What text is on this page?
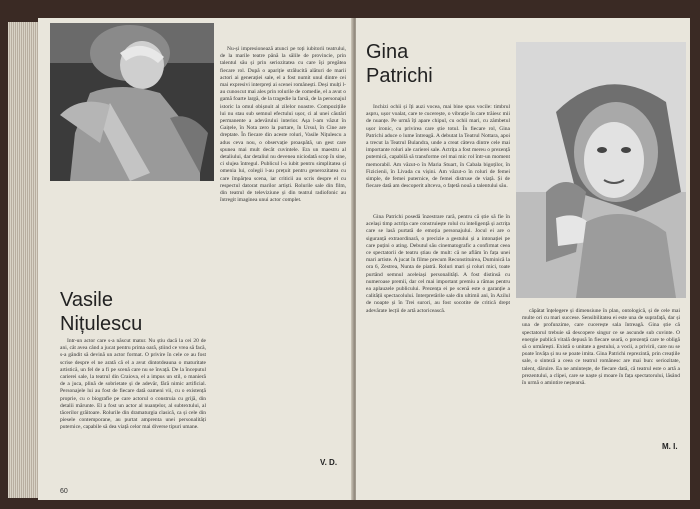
Vasile
Nițulescu

Intr-un actor care s-a născut matur. Nu știu dacă la cei 20 de ani, cât avea când a jucat pentru prima oară, știind ce vrea să facă, s-a gândit să devină un actor format. O privire în cele ce au fost scrise despre el ne arată că el a avut dintotdeauna o maturitate artistică, un fel de a fi pe scenă care nu se învață. De la începutul carierei sale, la teatrul din Craiova, el a impus un stil, o manieră de a juca, plină de sobrietate și de adevăr, fără nimic artificial. Personajele lui au fost de fiecare dată oameni vii, cu o existență proprie, cu o biografie pe care actorul o construia cu grijă, din detalii mărunte. El a fost un actor al nuanțelor, al subtextului, al tăcerilor grăitoare. Rolurile din dramaturgia clasică, ca și cele din piesele contemporane, au purtat amprenta unei personalități puternice, capabile să dea viață celor mai diverse tipuri umane.

Nu-și impresionează atunci pe toți iubitorii teatrului, de la marile teatre până la sălile de provincie, prin talentul său și prin seriozitatea cu care își pregătea fiecare rol. După o apariție strălucită alături de marii actori ai generației sale, el a fost numit unul dintre cei mai expresivi interpreți ai scenei românești. Deși mulți l-au cunoscut mai ales prin rolurile de comedie, el a avut o gamă foarte largă, de la tragedie la farsă, de la personajul istoric la omul obișnuit al zilelor noastre. Compozițiile lui nu stau sub semnul efectului ușor, ci al unei căutări permanente a adevărului interior. Așa l-am văzut în Gaițele, în Nota zero la purtare, în Ursul, în Cine are dreptate. În fiecare din aceste roluri, Vasile Nițulescu a adus ceva nou, o observație proaspătă, un gest care spunea mai mult decât cuvintele. Era un maestru al detaliului, dar detaliul nu devenea niciodată scop în sine, ci slujea întregul. Publicul l-a iubit pentru simplitatea și omenia lui, colegii l-au prețuit pentru generozitatea cu care împărțea scena, iar criticii au scris despre el cu respectul datorat marilor artiști. Rolurile sale din film, din teatrul de televiziune și din teatrul radiofonic au întregit imaginea unui actor complet.

V. D.
60
Gina
Patrichi

Inchizi ochii și îți auzi vocea, mai bine spus vocile: timbrul aspru, ușor voalat, care te cucerește, o vibrație în care trăiesc mii de nuanțe. Pe urmă îți apare chipul, cu ochii mari, cu zâmbetul ușor ironic, cu privirea care știe totul. În fiecare rol, Gina Patrichi aduce o lume întreagă. A debutat la Teatrul Nottara, apoi a trecut la Teatrul Bulandra, unde a creat câteva dintre cele mai importante roluri ale carierei sale. Actrița a fost mereu o prezență puternică, capabilă să transforme cel mai mic rol într-un moment memorabil. Am văzut-o în Maria Stuart, în Cabala bigoților, în Fizicienii, în Livada cu vișini. Am văzut-o în roluri de femei simple, de femei puternice, de femei distruse de viață. Și de fiecare dată am descoperit altceva, o fațetă nouă a talentului său.

Gina Patrichi posedă înzestrare rară, pentru că știe să fie în același timp actrița care construiește rolul cu inteligență și actrița care se lasă purtată de emoția personajului. Jocul ei are o siguranță extraordinară, o precizie a gestului și a intonației pe care puțini o ating. Debutul său cinematografic a confirmat ceea ce spectatorii de teatru știau de mult: că ne aflăm în fața unei mari artiste. A jucat în filme precum Reconstituirea, Duminică la ora 6, Zestrea, Nunta de piatră. Roluri mari și roluri mici, toate purtând semnul aceleiași personalități. A fost distinsă cu numeroase premii, dar cel mai important premiu a rămas pentru ea aplauzele publicului. Prezența ei pe scenă este o garanție a calității spectacolului. Interpretările sale din ultimii ani, în Azilul de noapte și în Trei surori, au fost socotite de critică drept adevărate lecții de artă actoricească.	căpătat înțelegere și dimensiune în plan, ontologică, și de cele mai multe ori cu mari succese. Sensibilitatea ei este una de suprafață, dar și una de profunzime, care cucerește sala întreagă. Gina știe că spectatorul trebuie să descopere singur ce se ascunde sub cuvinte. O energie publică vitală depusă în fiecare seară, o prezență care te obligă să o urmărești. Există o unitate a gestului, a vocii, a privirii, care nu se poate învăța și nu se poate imita. Gina Patrichi reprezintă, prin creațiile sale, o sinteză a ceea ce teatrul românesc are mai bun: seriozitate, talent, dăruire. Ea ne amintește, de fiecare dată, că teatrul este o artă a prezentului, a clipei, care se naște și moare în fața spectatorului, lăsând în urmă o amintire neștearsă.

M. I.
